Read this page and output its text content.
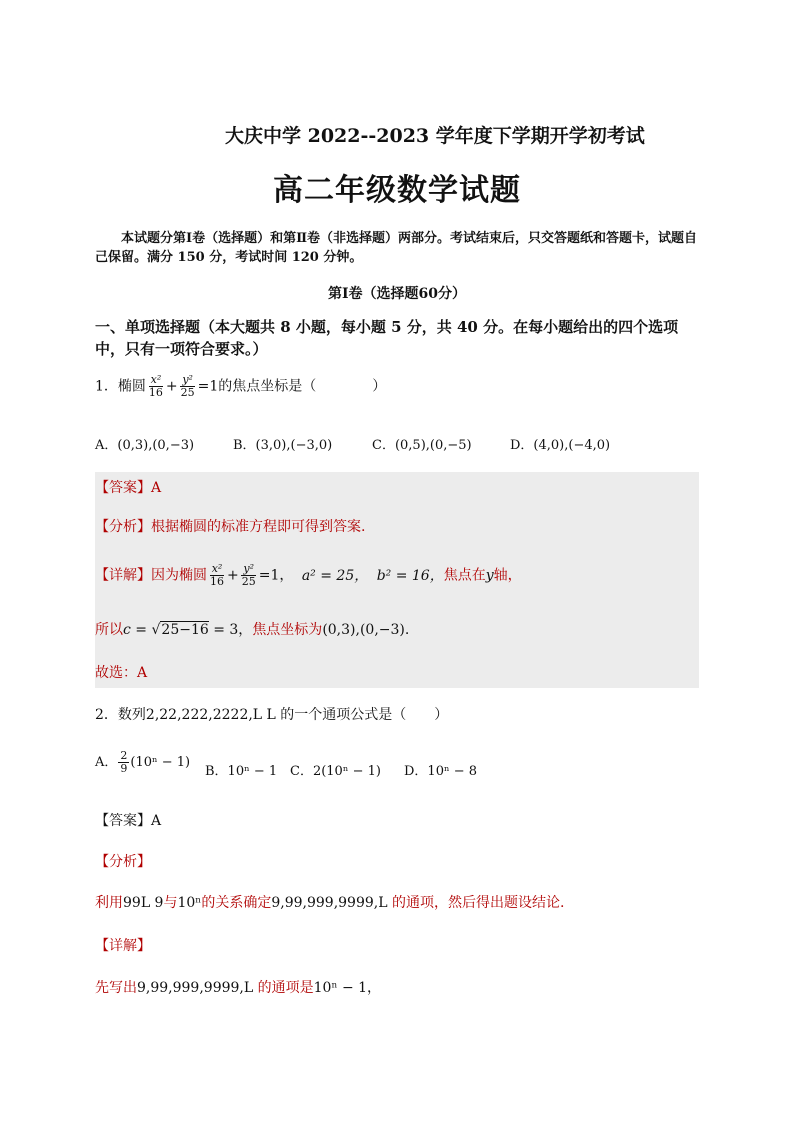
大庆中学 2022--2023 学年度下学期开学初考试
高二年级数学试题
本试题分第Ⅰ卷（选择题）和第Ⅱ卷（非选择题）两部分。考试结束后，只交答题纸和答题卡，试题自己保留。满分 150 分，考试时间 120 分钟。
第Ⅰ卷（选择题60分）
一、单项选择题（本大题共 8 小题，每小题 5 分，共 40 分。在每小题给出的四个选项中，只有一项符合要求。）
1．椭圆 $\frac{\text{x²}}{16} + \frac{\text{y²}}{25} =1$的焦点坐标是（　　　　）
A．(0,3),(0,−3)	B．(3,0),(−3,0)	C．(0,5),(0,−5)	D．(4,0),(−4,0)
【答案】A
【分析】根据椭圆的标准方程即可得到答案.
【详解】因为椭圆 $\frac{\text{x²}}{16} + \frac{\text{y²}}{25} =1$， a² = 25， b² = 16，焦点在y轴，
所以c = √25−16 = 3，焦点坐标为(0,3),(0,−3).
故选：A
2．数列2,22,222,2222,L L 的一个通项公式是（　　）
A． $\frac{2}{9} (10^n - 1)$
B．10ⁿ − 1 C．2(10ⁿ − 1) D．10ⁿ − 8
【答案】A
【分析】
利用99L 9与10ⁿ的关系确定9,99,999,9999,L 的通项，然后得出题设结论.
【详解】
先写出9,99,999,9999,L 的通项是10ⁿ − 1，
